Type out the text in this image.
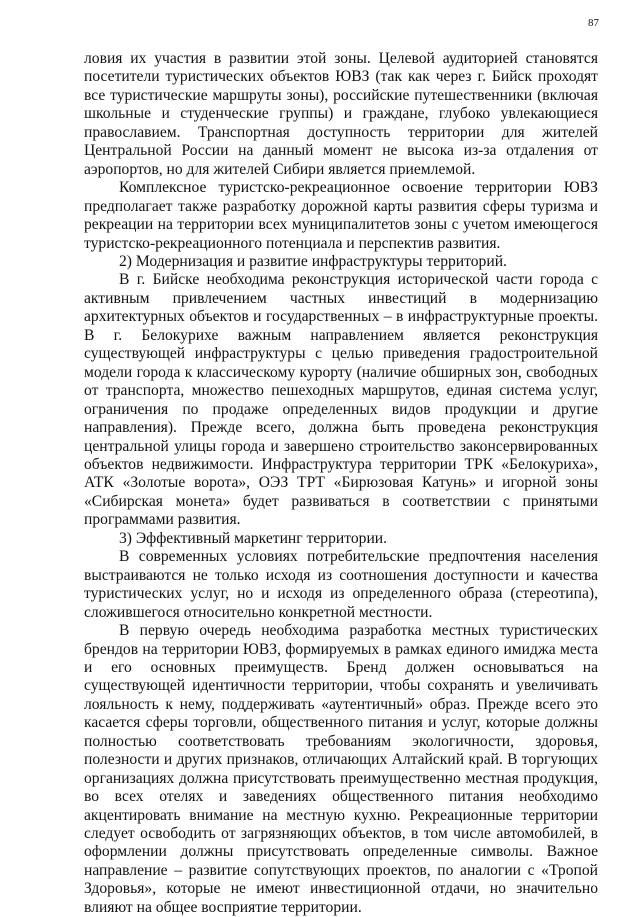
87

ловия их участия в развитии этой зоны. Целевой аудиторией становятся посетители туристических объектов ЮВЗ (так как через г. Бийск проходят все туристические маршруты зоны), российские путешественники (включая школьные и студенческие группы) и граждане, глубоко увлекающиеся православием. Транспортная доступность территории для жителей Центральной России на данный момент не высока из-за отдаления от аэропортов, но для жителей Сибири является приемлемой.

Комплексное туристско-рекреационное освоение территории ЮВЗ предполагает также разработку дорожной карты развития сферы туризма и рекреации на территории всех муниципалитетов зоны с учетом имеющегося туристско-рекреационного потенциала и перспектив развития.

2) Модернизация и развитие инфраструктуры территорий.

В г. Бийске необходима реконструкция исторической части города с активным привлечением частных инвестиций в модернизацию архитектурных объектов и государственных – в инфраструктурные проекты. В г. Белокурихе важным направлением является реконструкция существующей инфраструктуры с целью приведения градостроительной модели города к классическому курорту (наличие обширных зон, свободных от транспорта, множество пешеходных маршрутов, единая система услуг, ограничения по продаже определенных видов продукции и другие направления). Прежде всего, должна быть проведена реконструкция центральной улицы города и завершено строительство законсервированных объектов недвижимости. Инфраструктура территории ТРК «Белокуриха», АТК «Золотые ворота», ОЭЗ ТРТ «Бирюзовая Катунь» и игорной зоны «Сибирская монета» будет развиваться в соответствии с принятыми программами развития.

3) Эффективный маркетинг территории.

В современных условиях потребительские предпочтения населения выстраиваются не только исходя из соотношения доступности и качества туристических услуг, но и исходя из определенного образа (стереотипа), сложившегося относительно конкретной местности.

В первую очередь необходима разработка местных туристических брендов на территории ЮВЗ, формируемых в рамках единого имиджа места и его основных преимуществ. Бренд должен основываться на существующей идентичности территории, чтобы сохранять и увеличивать лояльность к нему, поддерживать «аутентичный» образ. Прежде всего это касается сферы торговли, общественного питания и услуг, которые должны полностью соответствовать требованиям экологичности, здоровья, полезности и других признаков, отличающих Алтайский край. В торгующих организациях должна присутствовать преимущественно местная продукция, во всех отелях и заведениях общественного питания необходимо акцентировать внимание на местную кухню. Рекреационные территории следует освободить от загрязняющих объектов, в том числе автомобилей, в оформлении должны присутствовать определенные символы. Важное направление – развитие сопутствующих проектов, по аналогии с «Тропой Здоровья», которые не имеют инвестиционной отдачи, но значительно влияют на общее восприятие территории.
